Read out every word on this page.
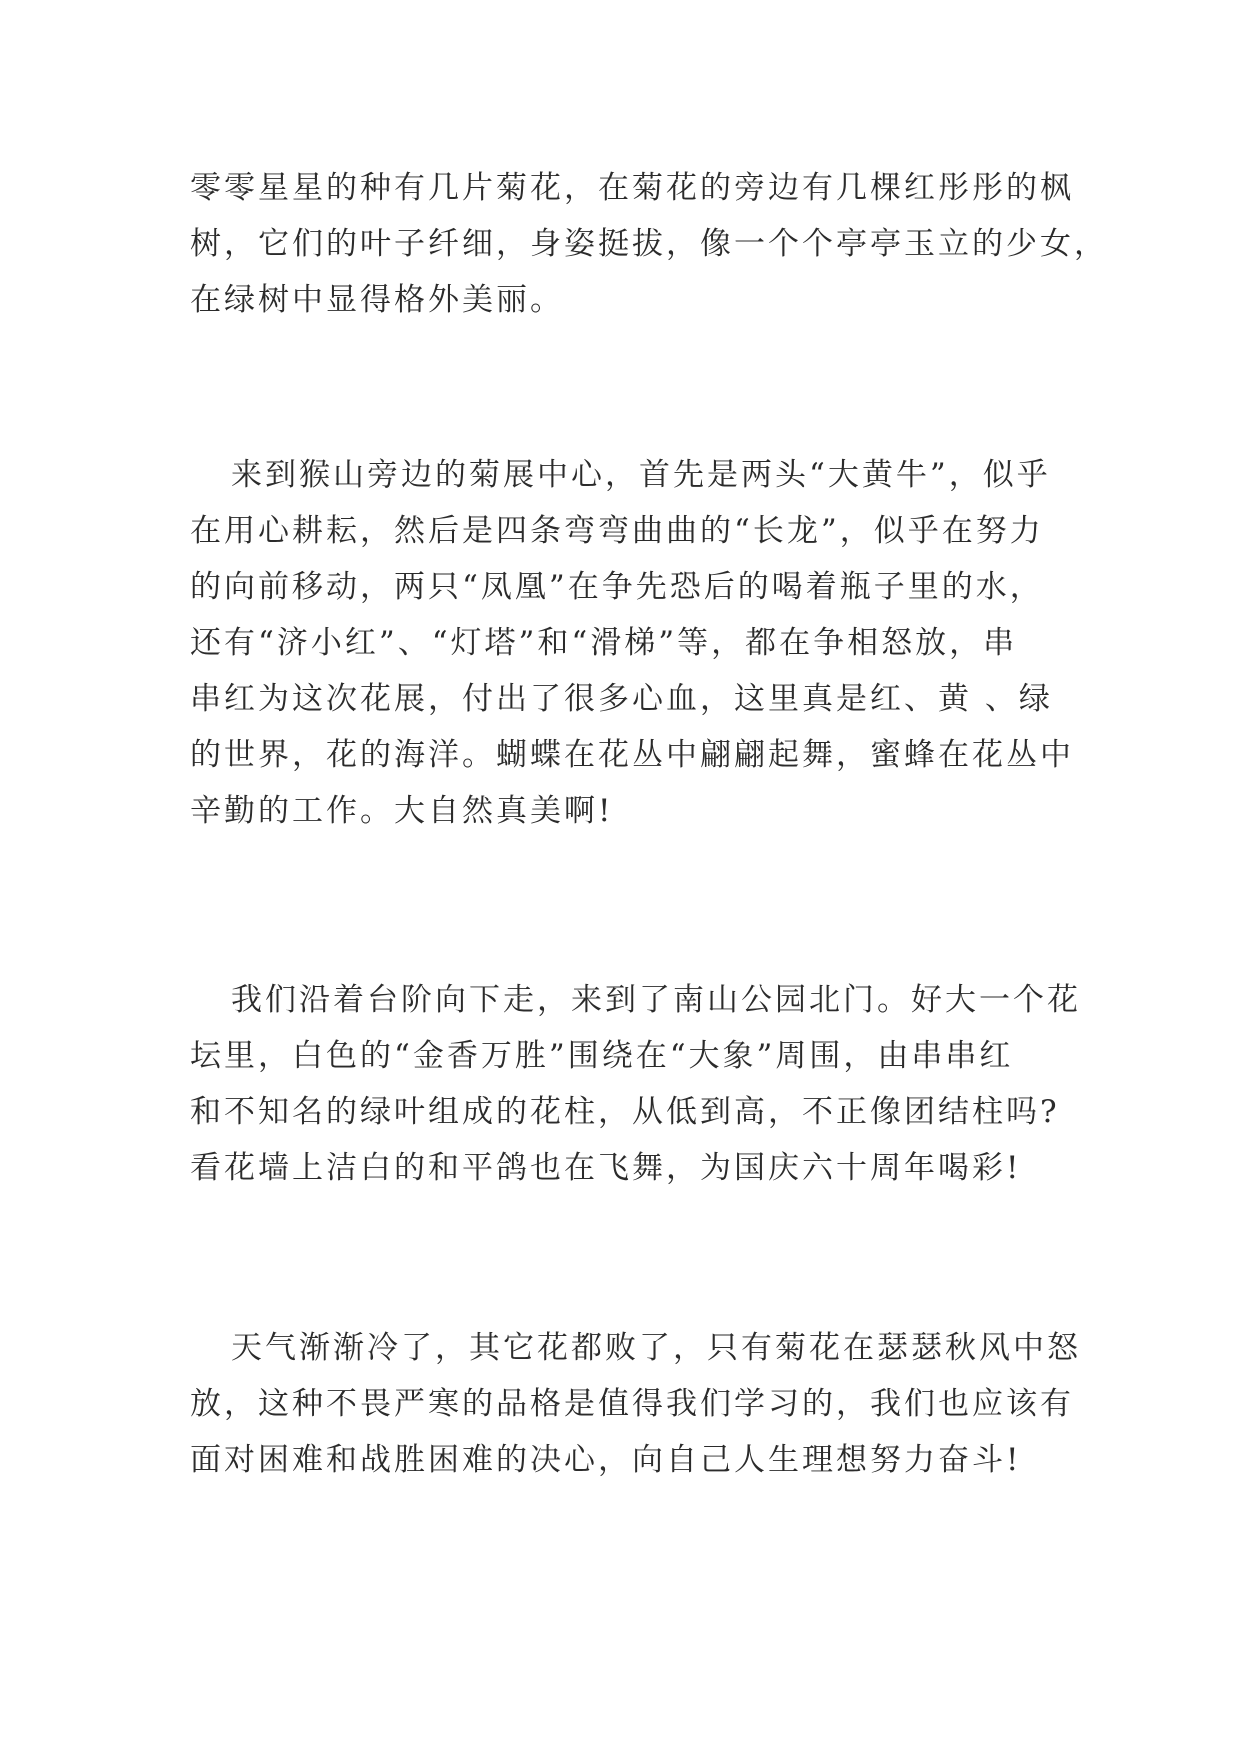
零零星星的种有几片菊花，在菊花的旁边有几棵红彤彤的枫
树，它们的叶子纤细，身姿挺拔，像一个个亭亭玉立的少女，
在绿树中显得格外美丽。

来到猴山旁边的菊展中心，首先是两头“大黄牛”，似乎
在用心耕耘，然后是四条弯弯曲曲的“长龙”，似乎在努力
的向前移动，两只“凤凰”在争先恐后的喝着瓶子里的水，
还有“济小红”、“灯塔”和“滑梯”等，都在争相怒放，串
串红为这次花展，付出了很多心血，这里真是红、黄 、绿
的世界，花的海洋。蝴蝶在花丛中翩翩起舞，蜜蜂在花丛中
辛勤的工作。大自然真美啊!

我们沿着台阶向下走，来到了南山公园北门。好大一个花
坛里，白色的“金香万胜”围绕在“大象”周围，由串串红
和不知名的绿叶组成的花柱，从低到高，不正像团结柱吗?
看花墙上洁白的和平鸽也在飞舞，为国庆六十周年喝彩!

天气渐渐冷了，其它花都败了，只有菊花在瑟瑟秋风中怒
放，这种不畏严寒的品格是值得我们学习的，我们也应该有
面对困难和战胜困难的决心，向自己人生理想努力奋斗!
